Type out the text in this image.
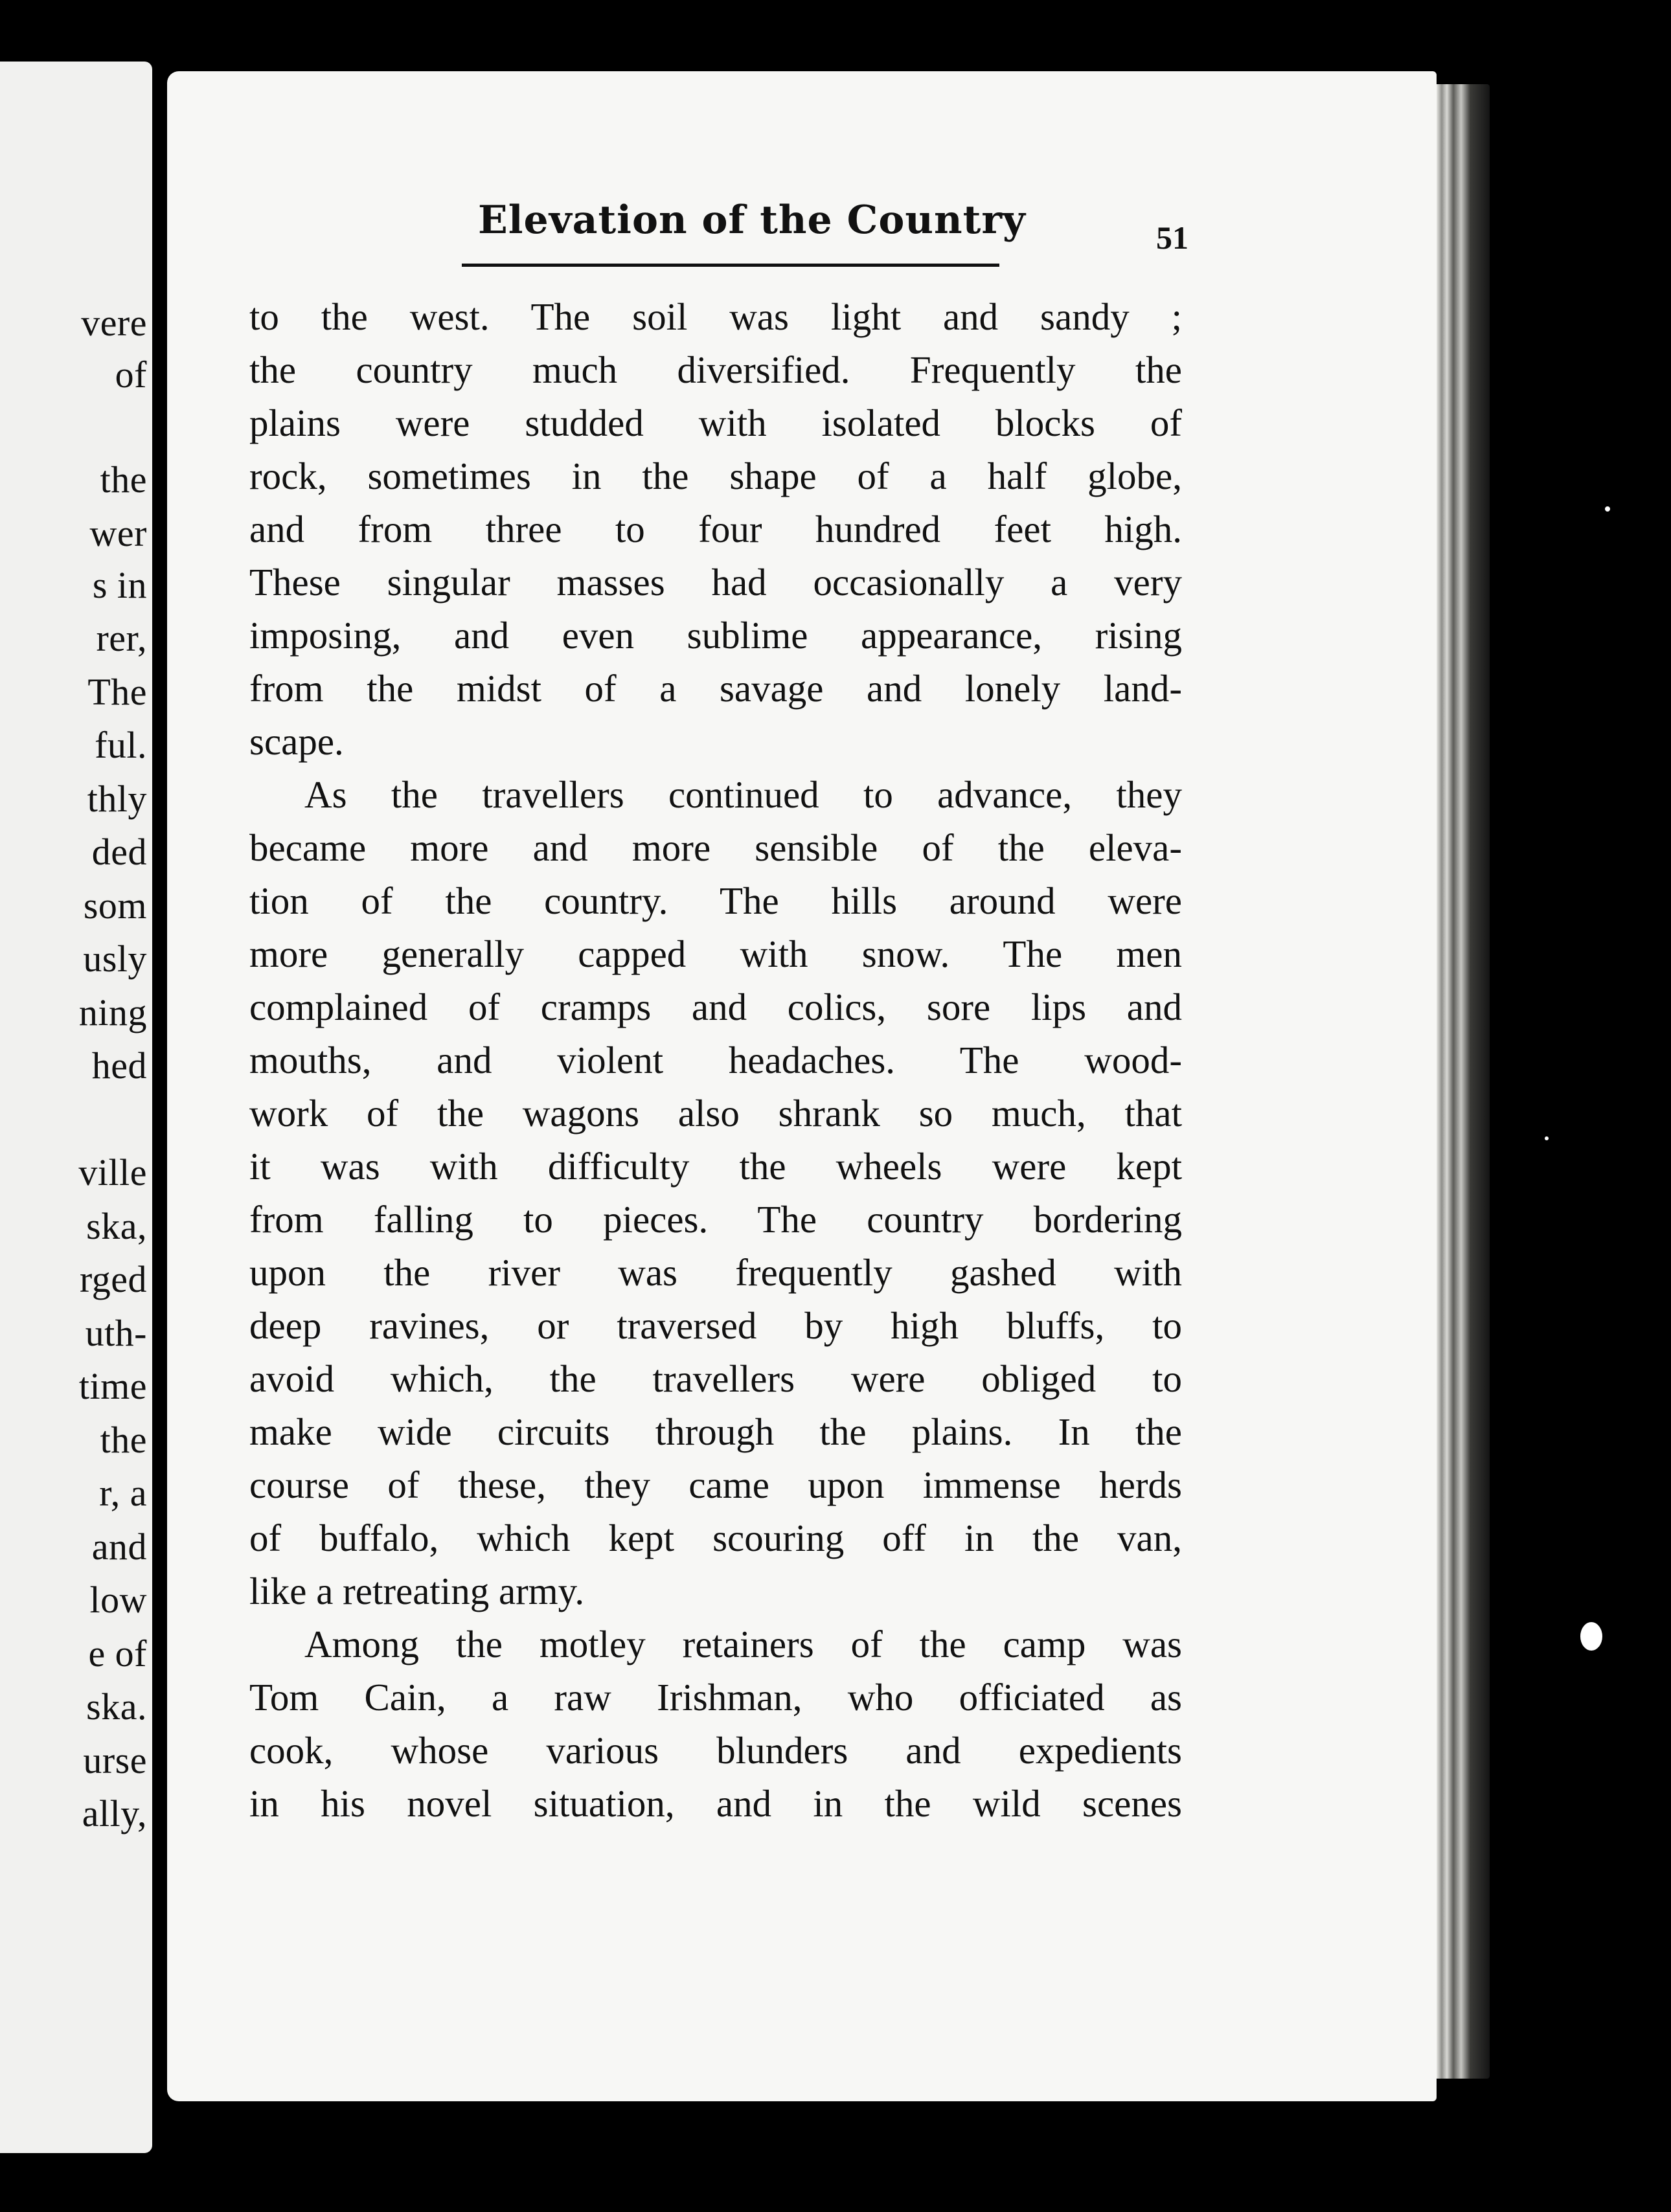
vere
of
the
wer
s in
rer,
The
ful.
thly
ded
som
usly
ning
hed
ville
ska,
rged
uth-
time
the
r, a
and
low
e of
ska.
urse
ally,
Elevation of the Country	51
to the west. The soil was light and sandy ;
the country much diversified. Frequently the
plains were studded with isolated blocks of
rock, sometimes in the shape of a half globe,
and from three to four hundred feet high.
These singular masses had occasionally a very
imposing, and even sublime appearance, rising
from the midst of a savage and lonely land-
scape.
As the travellers continued to advance, they
became more and more sensible of the eleva-
tion of the country. The hills around were
more generally capped with snow. The men
complained of cramps and colics, sore lips and
mouths, and violent headaches. The wood-
work of the wagons also shrank so much, that
it was with difficulty the wheels were kept
from falling to pieces. The country bordering
upon the river was frequently gashed with
deep ravines, or traversed by high bluffs, to
avoid which, the travellers were obliged to
make wide circuits through the plains. In the
course of these, they came upon immense herds
of buffalo, which kept scouring off in the van,
like a retreating army.
Among the motley retainers of the camp was
Tom Cain, a raw Irishman, who officiated as
cook, whose various blunders and expedients
in his novel situation, and in the wild scenes
